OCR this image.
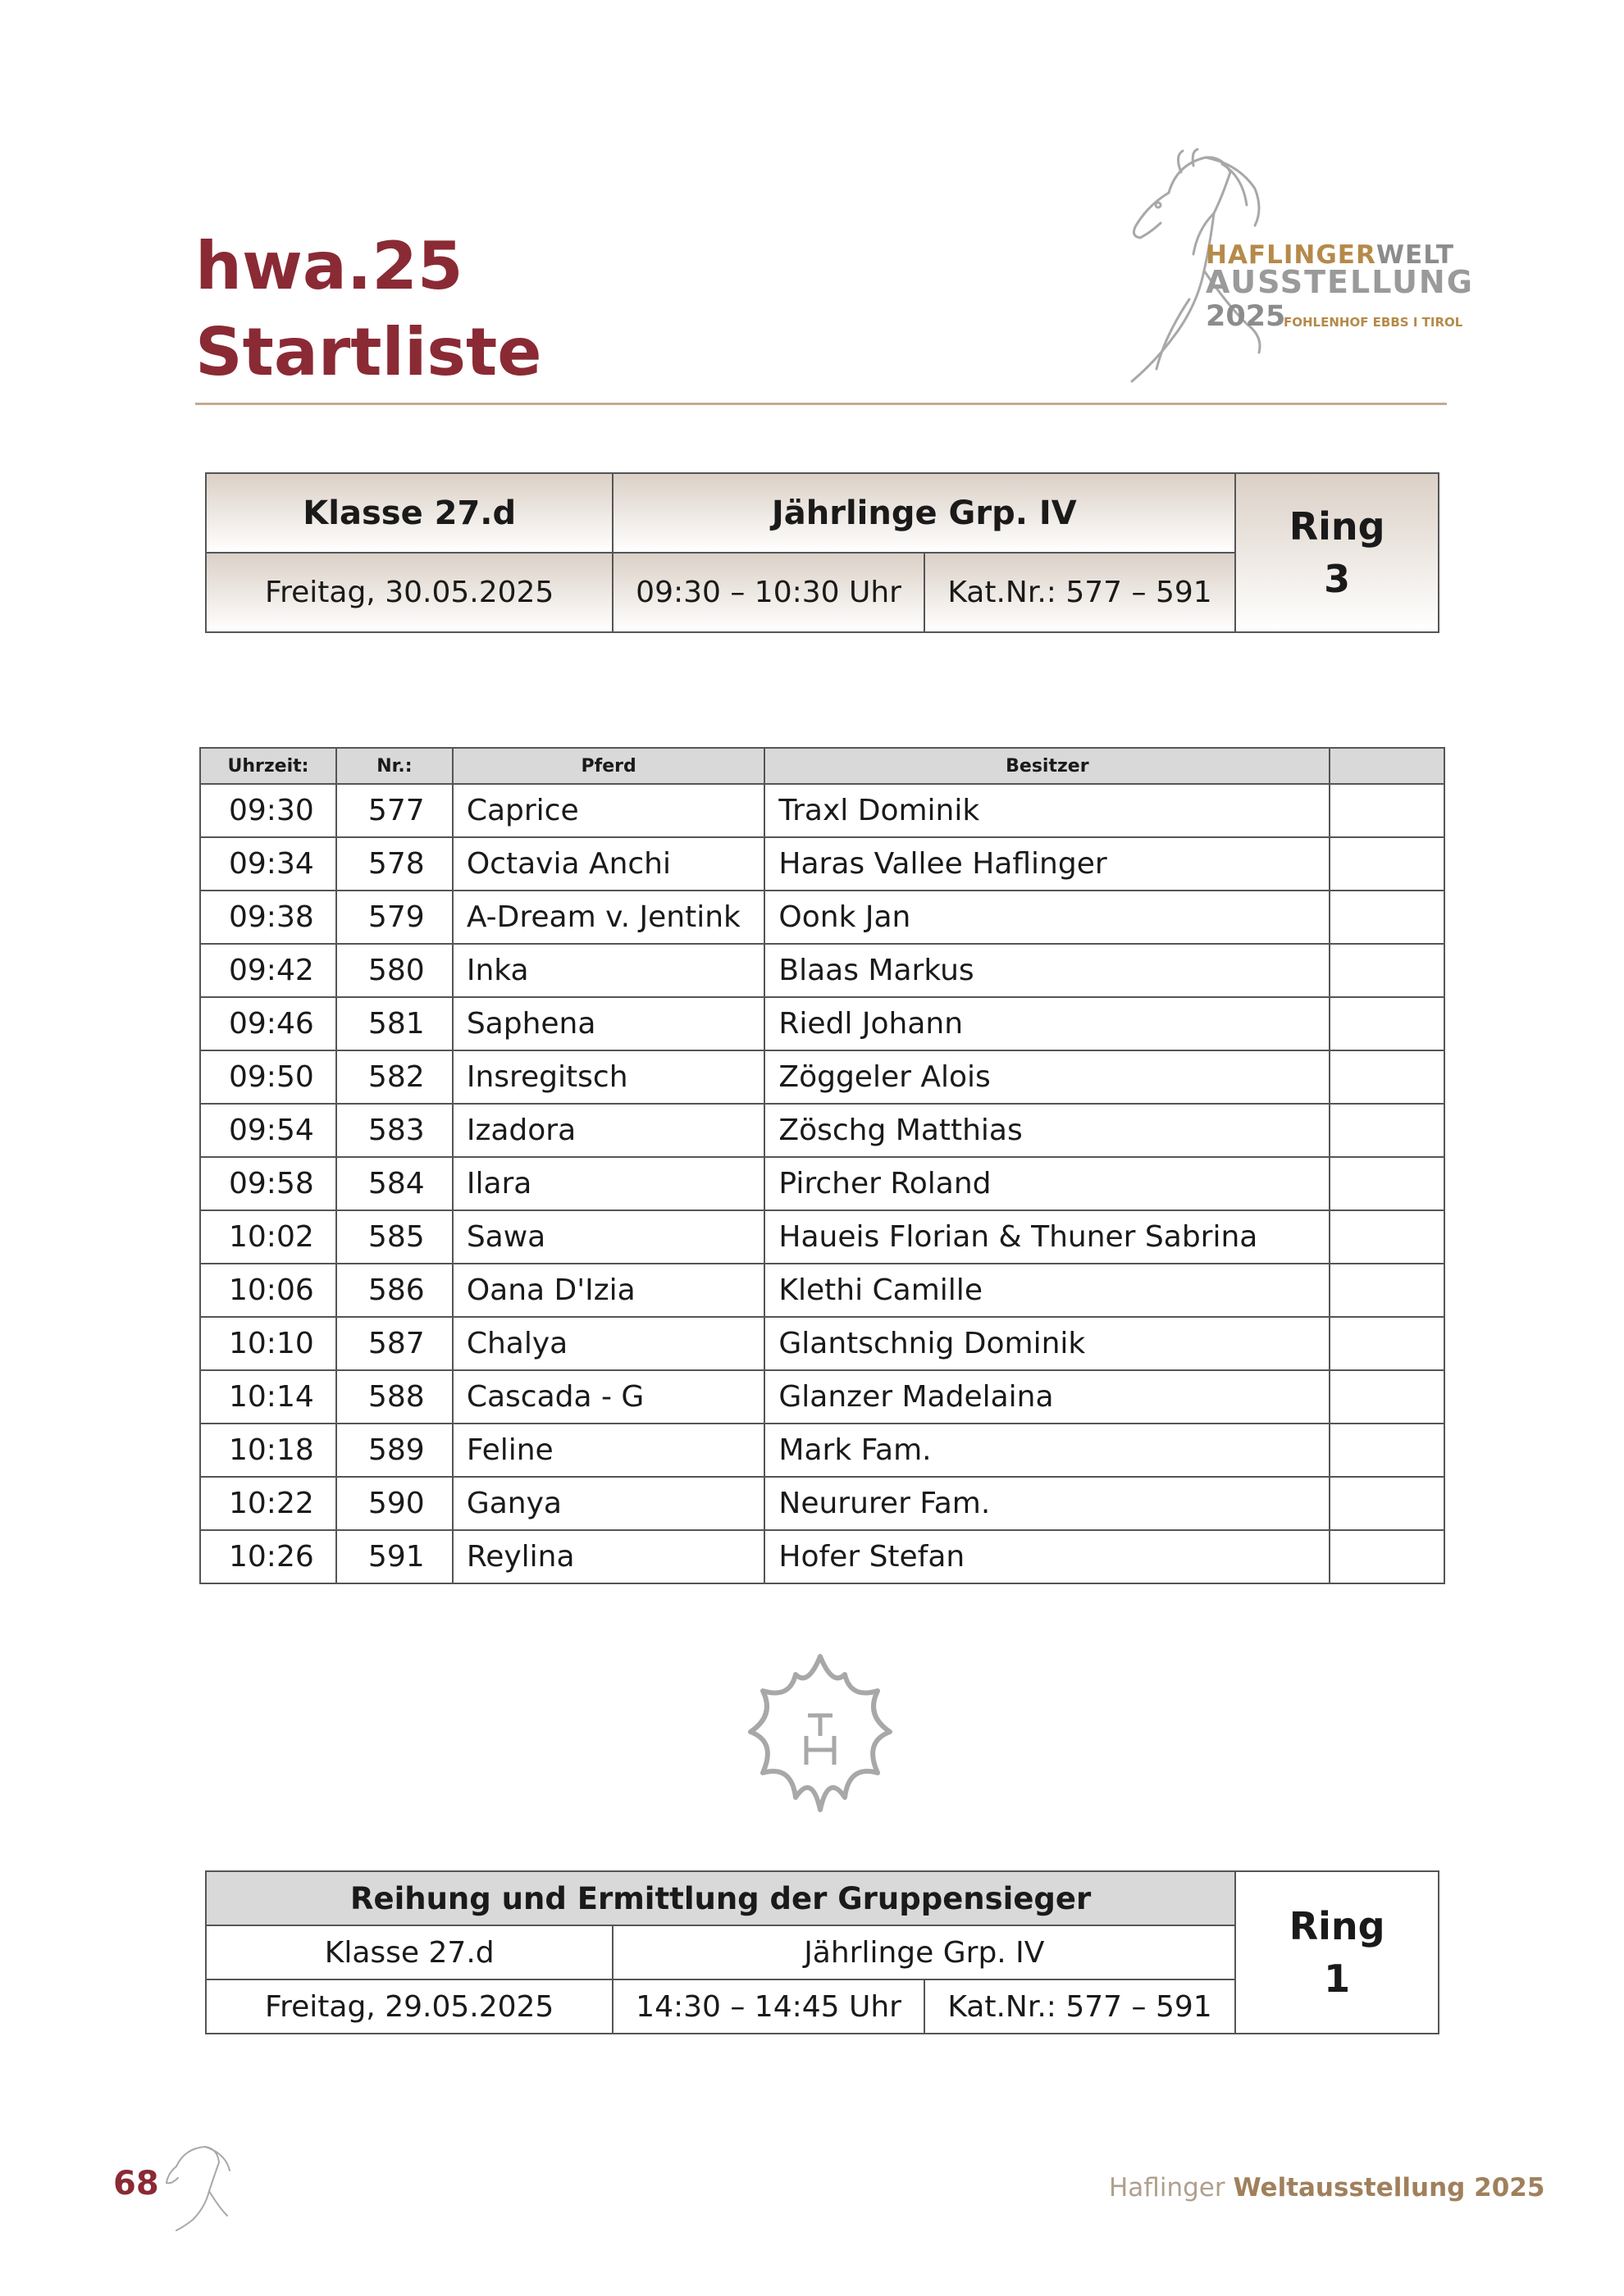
hwa.25
Startliste
HAFLINGERWELT
AUSSTELLUNG
2025
FOHLENHOF EBBS I TIROL
Klasse 27.d	Jährlinge Grp. IV		Ring
3

Freitag, 30.05.2025	09:30 – 10:30 Uhr	Kat.Nr.: 577 – 591	
Uhrzeit:	Nr.:	Pferd	Besitzer	
09:30	577	Caprice	Traxl Dominik	
09:34	578	Octavia Anchi	Haras Vallee Haflinger	
09:38	579	A-Dream v. Jentink	Oonk Jan	
09:42	580	Inka	Blaas Markus	
09:46	581	Saphena	Riedl Johann	
09:50	582	Insregitsch	Zöggeler Alois	
09:54	583	Izadora	Zöschg Matthias	
09:58	584	Ilara	Pircher Roland	
10:02	585	Sawa	Haueis Florian & Thuner Sabrina	
10:06	586	Oana D'Izia	Klethi Camille	
10:10	587	Chalya	Glantschnig Dominik	
10:14	588	Cascada - G	Glanzer Madelaina	
10:18	589	Feline	Mark Fam.	
10:22	590	Ganya	Neururer Fam.	
10:26	591	Reylina	Hofer Stefan	
Reihung und Ermittlung der Gruppensieger			Ring
1

Klasse 27.d	Jährlinge Grp. IV		
Freitag, 29.05.2025	14:30 – 14:45 Uhr	Kat.Nr.: 577 – 591	
68	Haflinger Weltausstellung 2025
